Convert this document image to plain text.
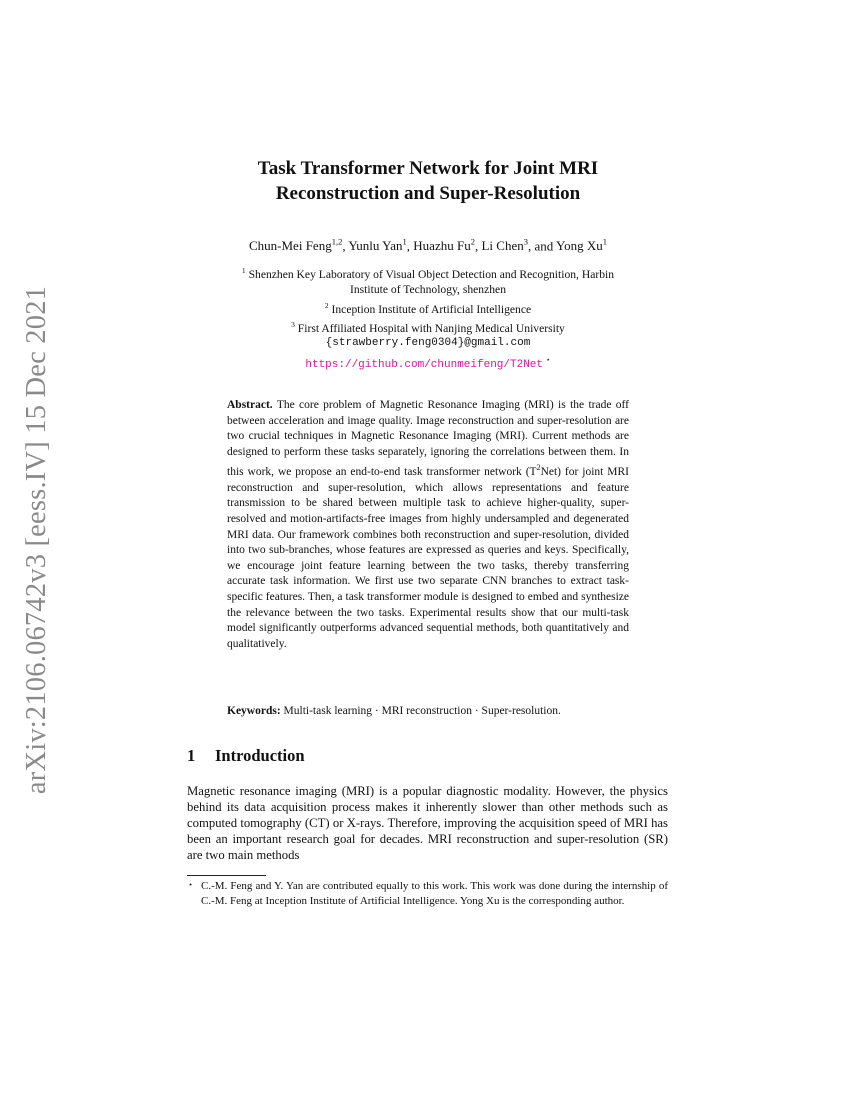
arXiv:2106.06742v3 [eess.IV] 15 Dec 2021
Task Transformer Network for Joint MRI
Reconstruction and Super-Resolution
Chun-Mei Feng$^{1,2}$, Yunlu Yan$^1$, Huazhu Fu$^2$, Li Chen$^3$, and Yong Xu$^1$
$^1$ Shenzhen Key Laboratory of Visual Object Detection and Recognition, Harbin
Institute of Technology, shenzhen
$^2$ Inception Institute of Artificial Intelligence
$^3$ First Affiliated Hospital with Nanjing Medical University
{strawberry.feng0304}@gmail.com
https://github.com/chunmeifeng/T2Net ⋆
Abstract. The core problem of Magnetic Resonance Imaging (MRI) is the trade off between acceleration and image quality. Image reconstruction and super-resolution are two crucial techniques in Magnetic Resonance Imaging (MRI). Current methods are designed to perform these tasks separately, ignoring the correlations between them. In this work, we propose an end-to-end task transformer network $(T^2Net)$ for joint MRI reconstruction and super-resolution, which allows representations and feature transmission to be shared between multiple task to achieve higher-quality, super-resolved and motion-artifacts-free images from highly undersampled and degenerated MRI data. Our framework combines both reconstruction and super-resolution, divided into two sub-branches, whose features are expressed as queries and keys. Specifically, we encourage joint feature learning between the two tasks, thereby transferring accurate task information. We first use two separate CNN branches to extract task-specific features. Then, a task transformer module is designed to embed and synthesize the relevance between the two tasks. Experimental results show that our multi-task model significantly outperforms advanced sequential methods, both quantitatively and qualitatively.
Keywords: Multi-task learning · MRI reconstruction · Super-resolution.
1 Introduction

Magnetic resonance imaging (MRI) is a popular diagnostic modality. However, the physics behind its data acquisition process makes it inherently slower than other methods such as computed tomography (CT) or X-rays. Therefore, improving the acquisition speed of MRI has been an important research goal for decades. MRI reconstruction and super-resolution (SR) are two main methods

⋆ C.-M. Feng and Y. Yan are contributed equally to this work. This work was done during the internship of C.-M. Feng at Inception Institute of Artificial Intelligence. Yong Xu is the corresponding author.
